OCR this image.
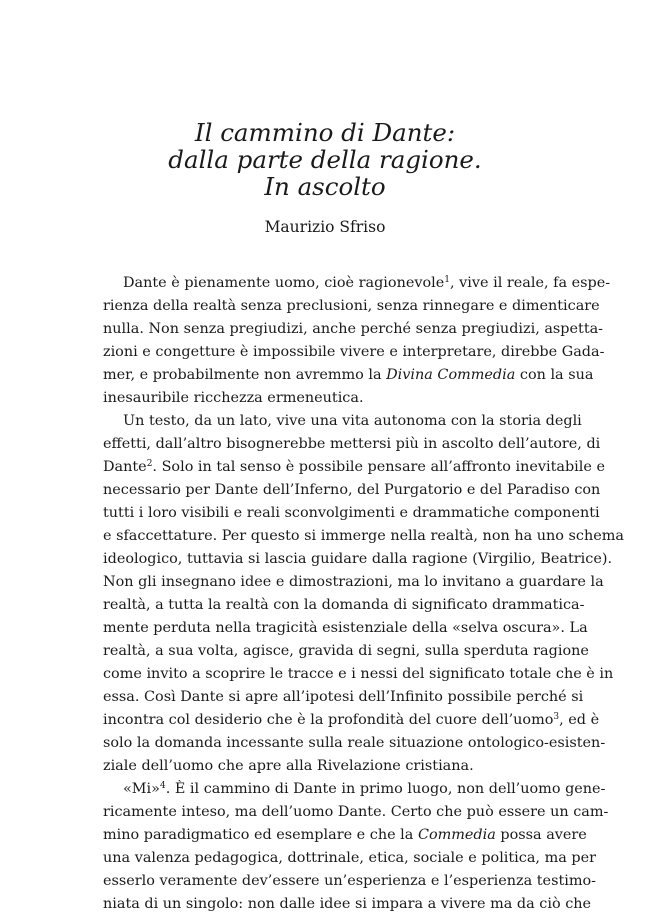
Il cammino di Dante:
dalla parte della ragione.
In ascolto
Maurizio Sfriso
Dante è pienamente uomo, cioè ragionevole$^1$, vive il reale, fa espe-
rienza della realtà senza preclusioni, senza rinnegare e dimenticare
nulla. Non senza pregiudizi, anche perché senza pregiudizi, aspetta-
zioni e congetture è impossibile vivere e interpretare, direbbe Gada-
mer, e probabilmente non avremmo la Divina Commedia con la sua
inesauribile ricchezza ermeneutica.
Un testo, da un lato, vive una vita autonoma con la storia degli
effetti, dall’altro bisognerebbe mettersi più in ascolto dell’autore, di
Dante$^2$. Solo in tal senso è possibile pensare all’affronto inevitabile e
necessario per Dante dell’Inferno, del Purgatorio e del Paradiso con
tutti i loro visibili e reali sconvolgimenti e drammatiche componenti
e sfaccettature. Per questo si immerge nella realtà, non ha uno schema
ideologico, tuttavia si lascia guidare dalla ragione (Virgilio, Beatrice).
Non gli insegnano idee e dimostrazioni, ma lo invitano a guardare la
realtà, a tutta la realtà con la domanda di significato drammatica-
mente perduta nella tragicità esistenziale della «selva oscura». La
realtà, a sua volta, agisce, gravida di segni, sulla sperduta ragione
come invito a scoprire le tracce e i nessi del significato totale che è in
essa. Così Dante si apre all’ipotesi dell’Infinito possibile perché si
incontra col desiderio che è la profondità del cuore dell’uomo$^3$, ed è
solo la domanda incessante sulla reale situazione ontologico-esisten-
ziale dell’uomo che apre alla Rivelazione cristiana.
«Mi»$^4$. È il cammino di Dante in primo luogo, non dell’uomo gene-
ricamente inteso, ma dell’uomo Dante. Certo che può essere un cam-
mino paradigmatico ed esemplare e che la Commedia possa avere
una valenza pedagogica, dottrinale, etica, sociale e politica, ma per
esserlo veramente dev’essere un’esperienza e l’esperienza testimo-
niata di un singolo: non dalle idee si impara a vivere ma da ciò che
